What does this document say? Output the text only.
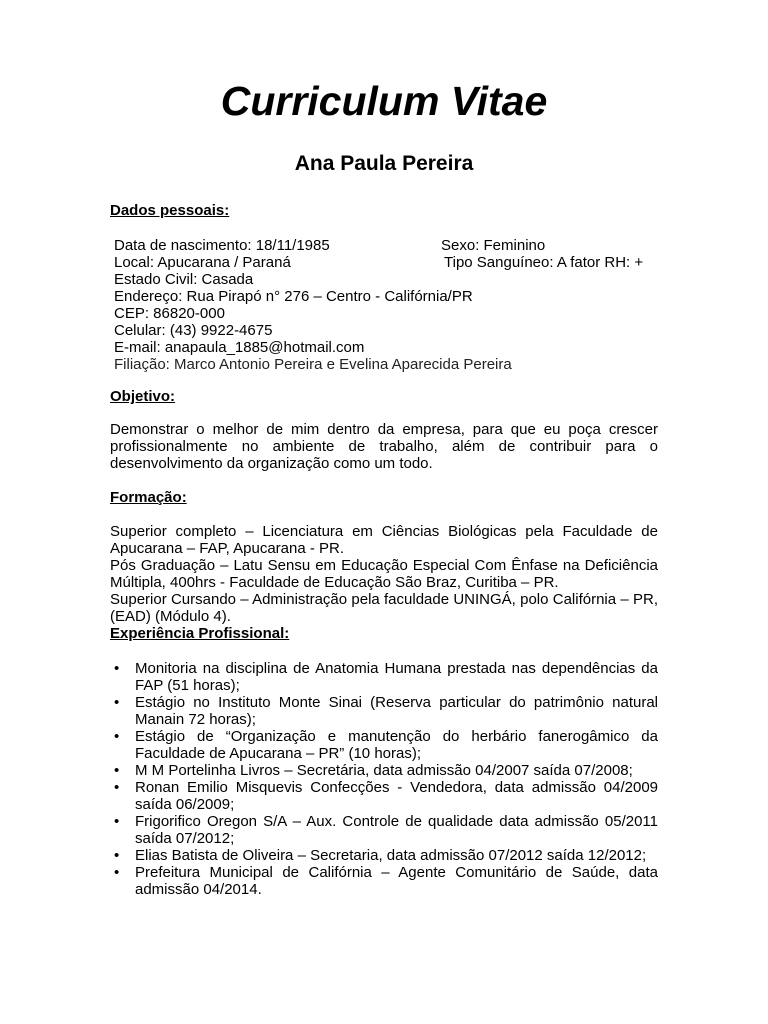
Curriculum Vitae
Ana Paula Pereira

Dados pessoais:

Data de nascimento: 18/11/1985	Sexo: Feminino
Local: Apucarana / Paraná	Tipo Sanguíneo: A fator RH: +
Estado Civil: Casada
Endereço: Rua Pirapó n° 276 – Centro - Califórnia/PR
CEP: 86820-000
Celular: (43) 9922-4675
E-mail: anapaula_1885@hotmail.com
Filiação: Marco Antonio Pereira e Evelina Aparecida Pereira

Objetivo:

Demonstrar o melhor de mim dentro da empresa, para que eu poça crescer profissionalmente no ambiente de trabalho, além de contribuir para o desenvolvimento da organização como um todo.

Formação:

Superior completo – Licenciatura em Ciências Biológicas pela Faculdade de Apucarana – FAP, Apucarana - PR.
Pós Graduação – Latu Sensu em Educação Especial Com Ênfase na Deficiência Múltipla, 400hrs - Faculdade de Educação São Braz, Curitiba – PR.
Superior Cursando – Administração pela faculdade UNINGÁ, polo Califórnia – PR, (EAD) (Módulo 4).

Experiência Profissional:

• Monitoria na disciplina de Anatomia Humana prestada nas dependências da FAP (51 horas);
• Estágio no Instituto Monte Sinai (Reserva particular do patrimônio natural Manain 72 horas);
• Estágio de “Organização e manutenção do herbário fanerogâmico da Faculdade de Apucarana – PR” (10 horas);
• M M Portelinha Livros – Secretária, data admissão 04/2007 saída 07/2008;
• Ronan Emilio Misquevis Confecções - Vendedora, data admissão 04/2009 saída 06/2009;
• Frigorifico Oregon S/A – Aux. Controle de qualidade data admissão 05/2011 saída 07/2012;
• Elias Batista de Oliveira – Secretaria, data admissão 07/2012 saída 12/2012;
• Prefeitura Municipal de Califórnia – Agente Comunitário de Saúde, data admissão 04/2014.
